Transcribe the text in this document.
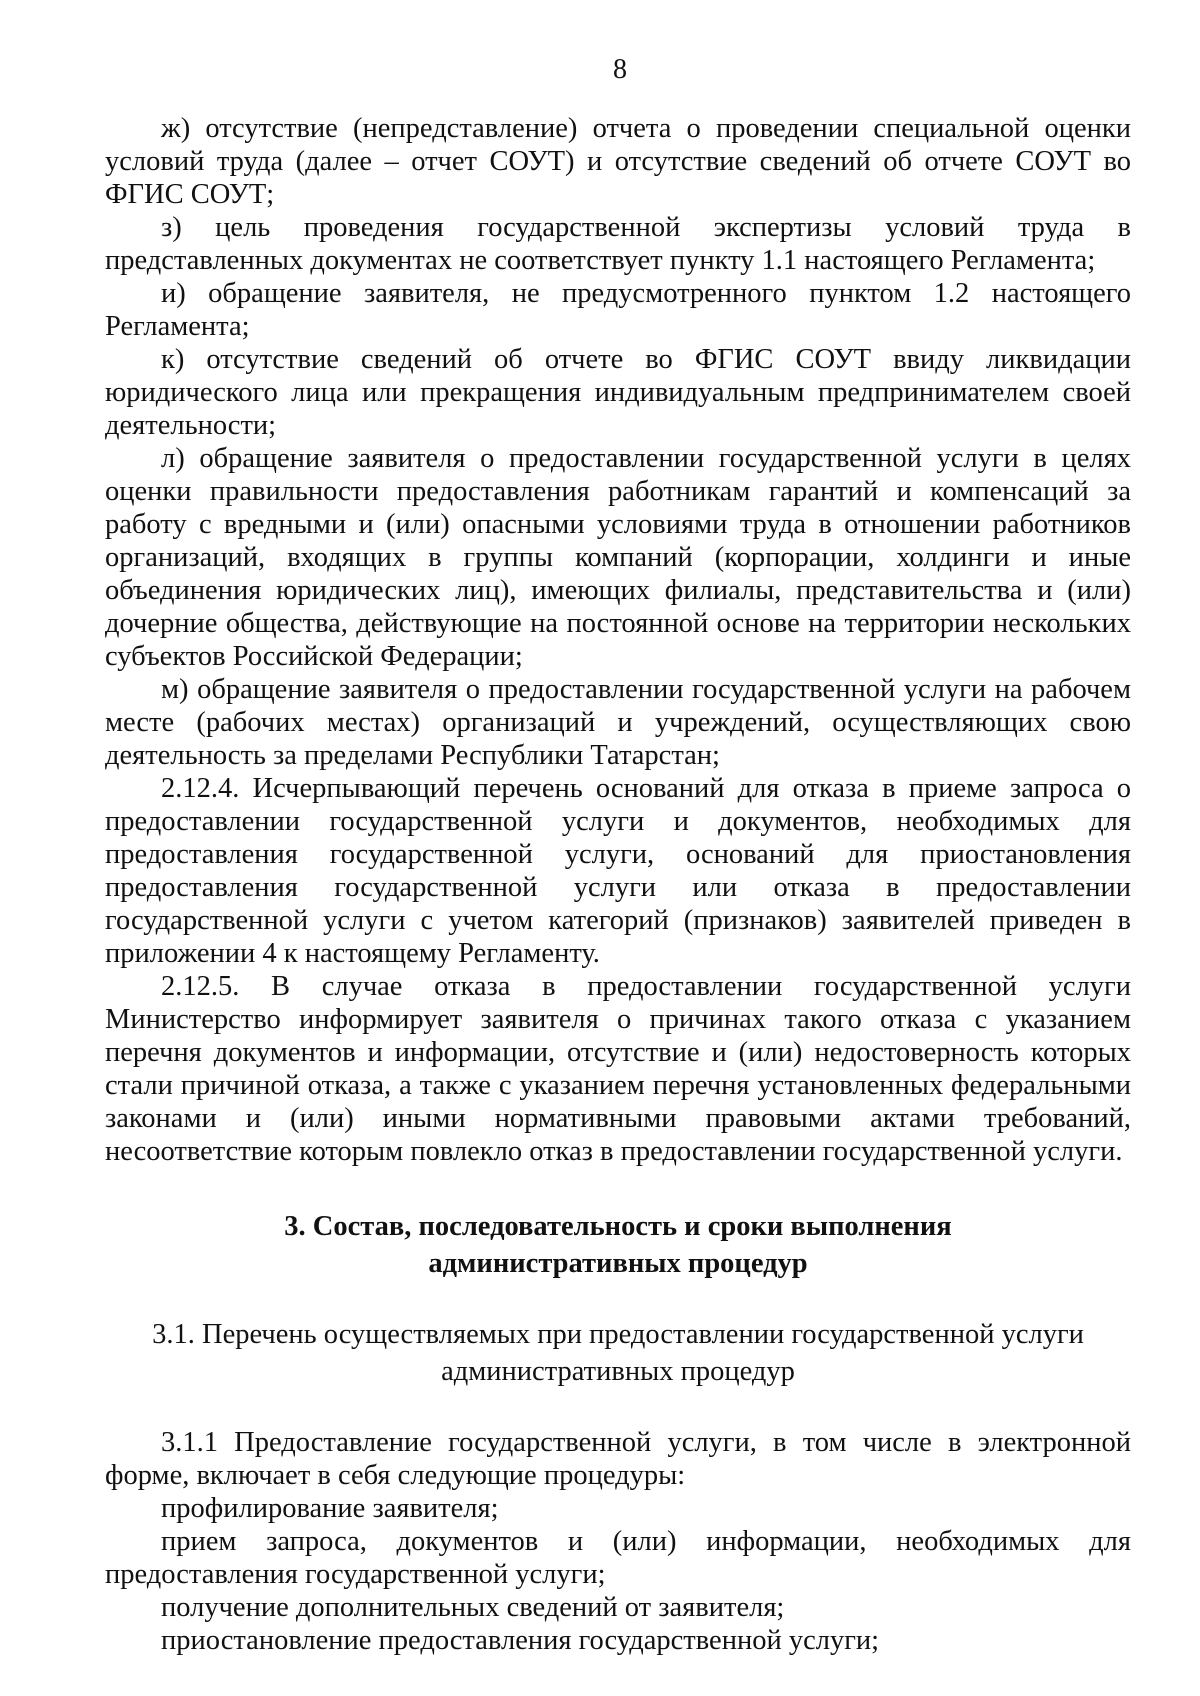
8

ж) отсутствие (непредставление) отчета о проведении специальной оценки условий труда (далее – отчет СОУТ) и отсутствие сведений об отчете СОУТ во ФГИС СОУТ;

з) цель проведения государственной экспертизы условий труда в представленных документах не соответствует пункту 1.1 настоящего Регламента;

и) обращение заявителя, не предусмотренного пунктом 1.2 настоящего Регламента;

к) отсутствие сведений об отчете во ФГИС СОУТ ввиду ликвидации юридического лица или прекращения индивидуальным предпринимателем своей деятельности;

л) обращение заявителя о предоставлении государственной услуги в целях оценки правильности предоставления работникам гарантий и компенсаций за работу с вредными и (или) опасными условиями труда в отношении работников организаций, входящих в группы компаний (корпорации, холдинги и иные объединения юридических лиц), имеющих филиалы, представительства и (или) дочерние общества, действующие на постоянной основе на территории нескольких субъектов Российской Федерации;

м) обращение заявителя о предоставлении государственной услуги на рабочем месте (рабочих местах) организаций и учреждений, осуществляющих свою деятельность за пределами Республики Татарстан;

2.12.4. Исчерпывающий перечень оснований для отказа в приеме запроса о предоставлении государственной услуги и документов, необходимых для предоставления государственной услуги, оснований для приостановления предоставления государственной услуги или отказа в предоставлении государственной услуги с учетом категорий (признаков) заявителей приведен в приложении 4 к настоящему Регламенту.

2.12.5. В случае отказа в предоставлении государственной услуги Министерство информирует заявителя о причинах такого отказа с указанием перечня документов и информации, отсутствие и (или) недостоверность которых стали причиной отказа, а также с указанием перечня установленных федеральными законами и (или) иными нормативными правовыми актами требований, несоответствие которым повлекло отказ в предоставлении государственной услуги.

3. Состав, последовательность и сроки выполнения
административных процедур
3.1. Перечень осуществляемых при предоставлении государственной услуги
административных процедур

3.1.1 Предоставление государственной услуги, в том числе в электронной форме, включает в себя следующие процедуры:

профилирование заявителя;

прием запроса, документов и (или) информации, необходимых для предоставления государственной услуги;

получение дополнительных сведений от заявителя;

приостановление предоставления государственной услуги;
